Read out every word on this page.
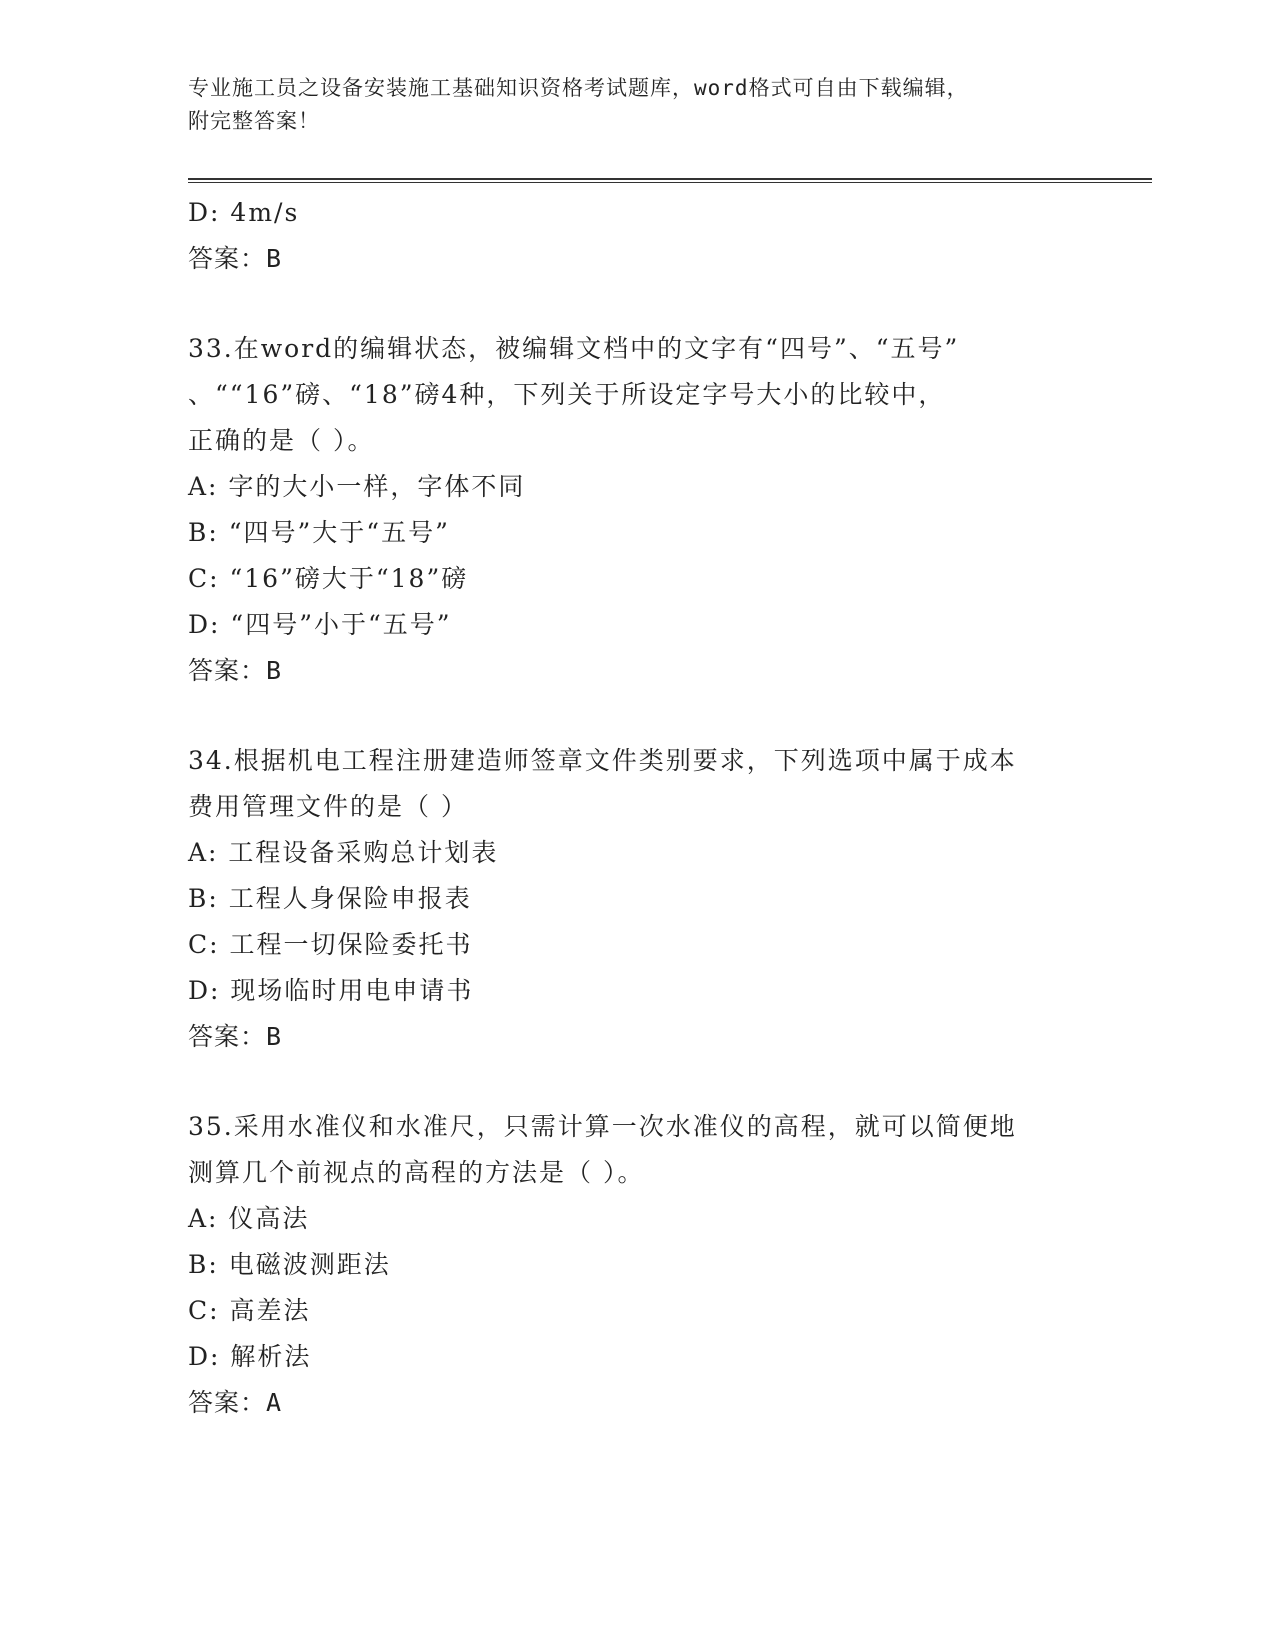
专业施工员之设备安装施工基础知识资格考试题库，word格式可自由下载编辑，
附完整答案！
D: 4m/s
答案：B
33.在word的编辑状态，被编辑文档中的文字有“四号”、“五号”
、““16”磅、“18”磅4种，下列关于所设定字号大小的比较中，
正确的是（ ）。
A: 字的大小一样，字体不同
B: “四号”大于“五号”
C: “16”磅大于“18”磅
D: “四号”小于“五号”
答案：B
34.根据机电工程注册建造师签章文件类别要求，下列选项中属于成本
费用管理文件的是（ ）
A: 工程设备采购总计划表
B: 工程人身保险申报表
C: 工程一切保险委托书
D: 现场临时用电申请书
答案：B
35.采用水准仪和水准尺，只需计算一次水准仪的高程，就可以简便地
测算几个前视点的高程的方法是（ ）。
A: 仪高法
B: 电磁波测距法
C: 高差法
D: 解析法
答案：A
